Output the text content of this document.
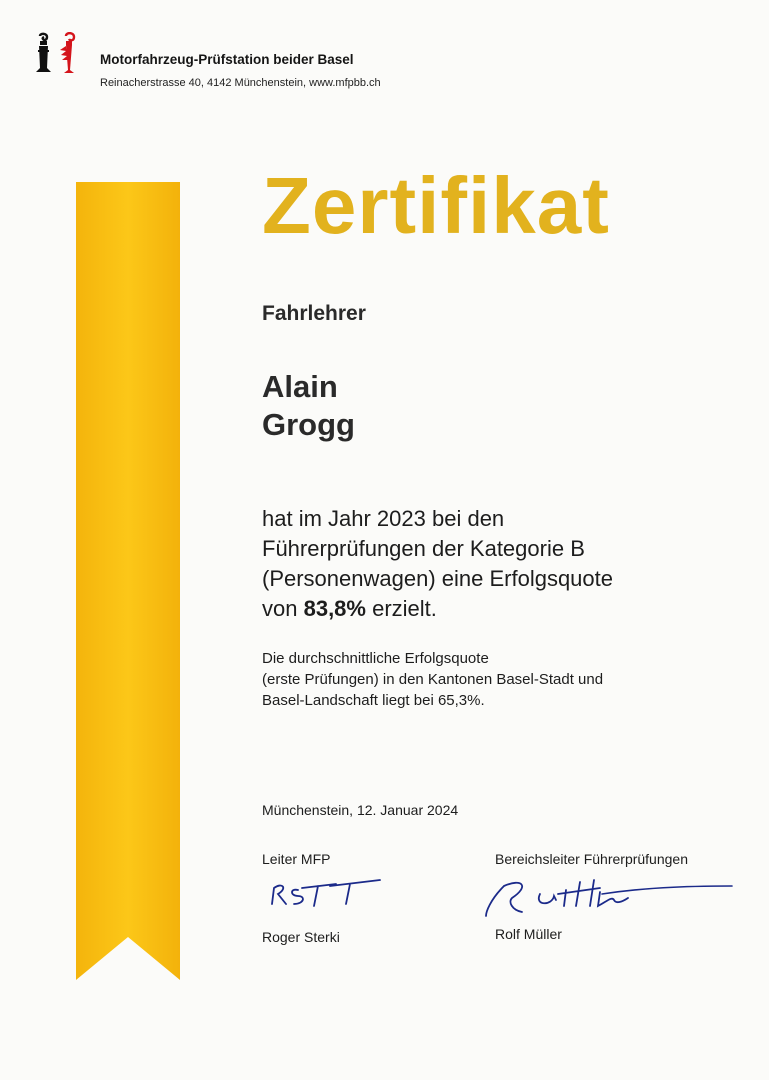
Motorfahrzeug-Prüfstation beider Basel
Reinacherstrasse 40, 4142 Münchenstein, www.mfpbb.ch
Zertifikat
Fahrlehrer
Alain
Grogg
hat im Jahr 2023 bei den
Führerprüfungen der Kategorie B
(Personenwagen) eine Erfolgsquote
von 83,8% erzielt.
Die durchschnittliche Erfolgsquote
(erste Prüfungen) in den Kantonen Basel-Stadt und
Basel-Landschaft liegt bei 65,3%.
Münchenstein, 12. Januar 2024
Leiter MFP	Bereichsleiter Führerprüfungen
Roger Sterki	Rolf Müller
